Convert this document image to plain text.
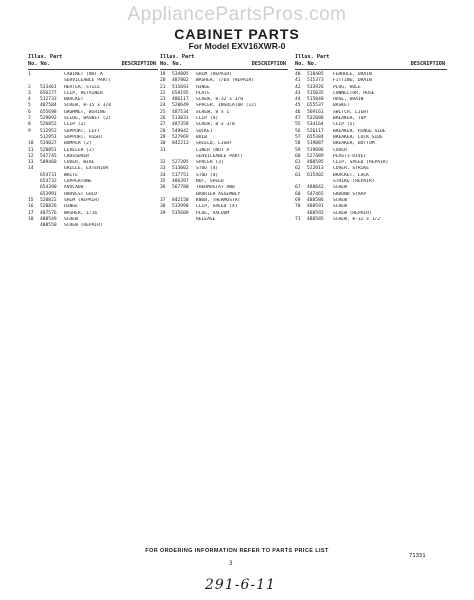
AppliancePartsPros.com
CABINET PARTS
For Model EXV16XWR-0
Illus. Part
No. No.	DESCRIPTION
1	CABINET (NOT A
SERVICEABLE PART)
2	533461	HEATER, STILE
3	656277	CLIP, RETAINER
4	512733	BRACKET
5	487584	SCREW, 8-15 x 3/8
6	655698	GROMMET, WIRING
7	529092	SLIDE, BASKET (2)
8	526852	CLIP (2)
9	512952	SUPPORT, LEFT
512951	SUPPORT, RIGHT
10	534027	BUMPER (2)
11	520851	LEVELER (2)
12	547745	CROSSOVER
13	509468	COVER, WIRE
14	GRILLE, EXTERIOR
654731	WHITE
654732	COPPERTONE
654390	AVOCADO
653991	HARVEST GOLD
15	520822	SHIM (REPAIR)
16	520826	HINGE
17	487576	WASHER, 1/16
18	488549	SCREW
488550	SCREW (REPAIR)
Illus. Part
No. No.	DESCRIPTION
19	534805	SHIM (REPAIR)
20	487802	WASHER, 7/64 (REPAIR)
21	511693	HINGE
22	658195	PLATE
23	486117	SCREW, 8-32 x 3/8
24	520649	SPACER, INSULATOR (12)
25	487534	SCREW, 8 x 1
26	513031	CLIP (4)
27	487358	SCREW, 8 x 3/8
28	549042	SOCKET
29	527969	BULB
30	842213	SHIELD, LIGHT
31	LINER (NOT A
SERVICEABLE PART)
32	527205	SPACER (3)
33	513002	STUD (4)
34	517751	STUD (4)
35	486397	NUT, SPEED
36	567780	THERMOSTAT AND
BARRIER ASSEMBLY
37	842150	KNOB, THERMOSTAT
38	533998	CLIP, SPEED (4)
39	535609	PLUG, VACUUM
RELEASE
Illus. Part
No. No.	DESCRIPTION
40	518405	FERRULE, DRAIN
41	515373	FITTING, DRAIN
42	533926	PLUG, HOLE
43	515035	CONNECTOR, HOSE
44	515040	HOSE, DRAIN
45	655537	BASKET
46	569161	SWITCH, LIGHT
47	532088	BREAKER, TOP
55	534164	CLIP (5)
56	526117	BREAKER, HINGE SIDE
57	655384	BREAKER, LOCK SIDE
58	519087	BREAKER, BOTTOM
59	519096	COVER
60	527489	PLASTI-RIVET
61	488595	CLIP, SPEED (REPAIR)
62	522013	COVER, STRIKE
63	615402	BRACKET, LOCK
STRIKE (REPAIR)
67	488642	SCREW
68	547465	GROUND STRAP
69	488586	SCREW
70	488591	SCREW
488592	SCREW (REPAIR)
71	488585	SCREW, 8-32 x 1/2
FOR ORDERING INFORMATION REFER TO PARTS PRICE LIST
3
71331
291-6-11
